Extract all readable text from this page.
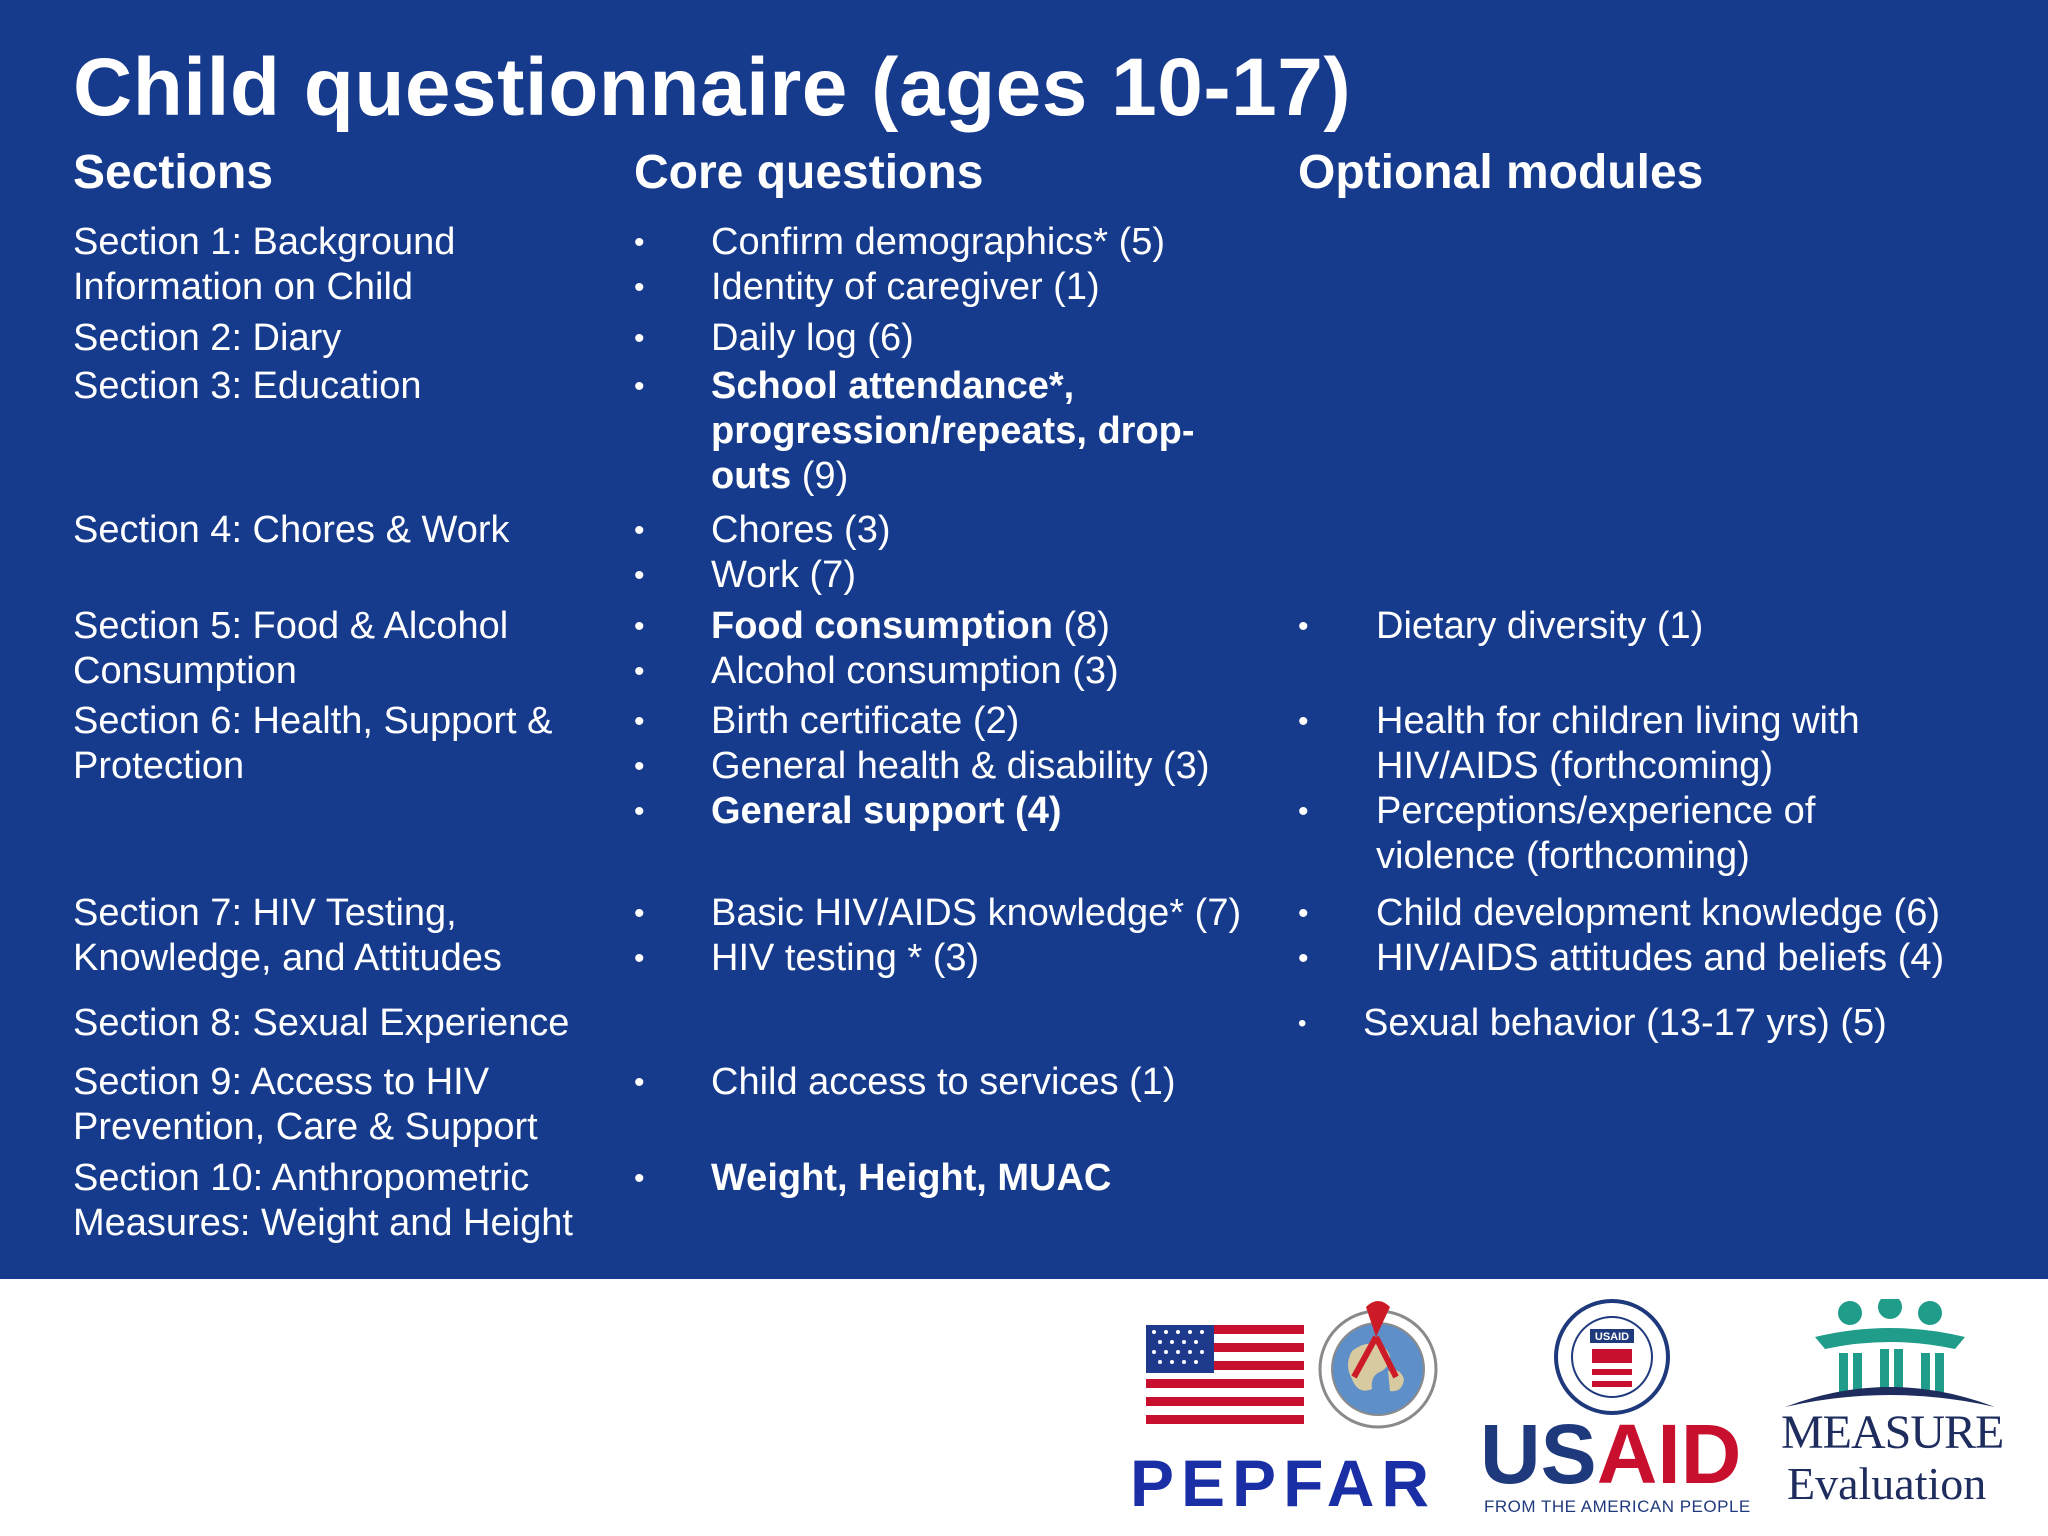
Child questionnaire (ages 10-17)
Sections	Core questions	Optional modules
Section 1: Background Information on Child
Section 2: Diary
Section 3: Education
Section 4: Chores & Work
Section 5: Food & Alcohol Consumption
Section 6: Health, Support & Protection
Section 7: HIV Testing, Knowledge, and Attitudes
Section 8: Sexual Experience
Section 9: Access to HIV Prevention, Care & Support
Section 10: Anthropometric Measures: Weight and Height
• Confirm demographics* (5)
• Identity of caregiver (1)
• Daily log (6)
• School attendance*, progression/repeats, drop-outs (9)
• Chores (3)
• Work (7)
• Food consumption (8)
• Alcohol consumption (3)
• Birth certificate (2)
• General health & disability (3)
• General support (4)
• Basic HIV/AIDS knowledge* (7)
• HIV testing * (3)
• Child access to services (1)
• Weight, Height, MUAC
• Dietary diversity (1)
• Health for children living with HIV/AIDS (forthcoming)
• Perceptions/experience of violence (forthcoming)
• Child development knowledge (6)
• HIV/AIDS attitudes and beliefs (4)
• Sexual behavior (13-17 yrs) (5)
PEPFAR
USAID
USAID
FROM THE AMERICAN PEOPLE
MEASURE
Evaluation
